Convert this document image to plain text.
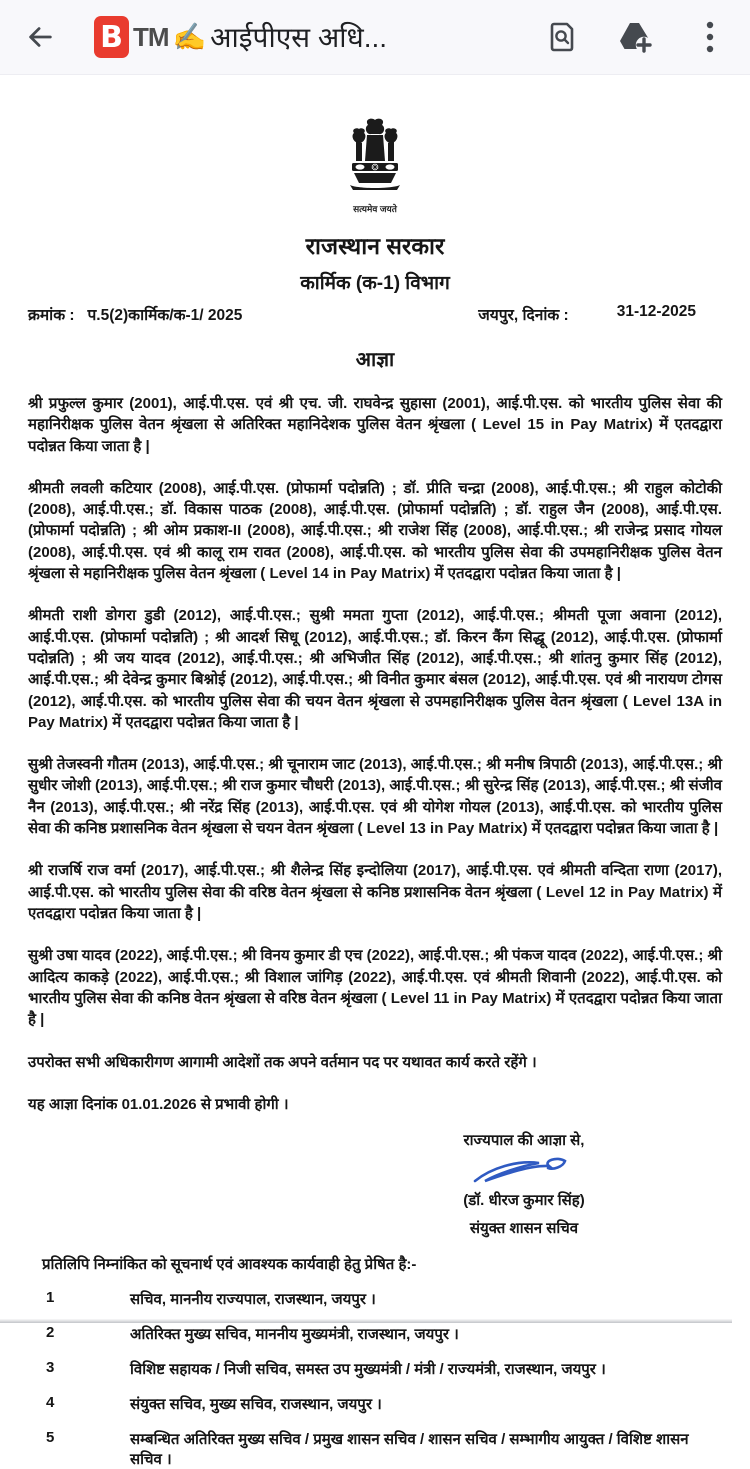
B TM ✍️ आईपीएस अधि...
सत्यमेव जयते
राजस्थान सरकार
कार्मिक (क-1) विभाग
क्रमांक : प.5(2)कार्मिक/क-1/ 2025	जयपुर, दिनांक :	31-12-2025
आज्ञा

श्री प्रफुल्ल कुमार (2001), आई.पी.एस. एवं श्री एच. जी. राघवेन्द्र सुहासा (2001), आई.पी.एस. को भारतीय पुलिस सेवा की महानिरीक्षक पुलिस वेतन श्रृंखला से अतिरिक्त महानिदेशक पुलिस वेतन श्रृंखला ( Level 15 in Pay Matrix) में एतदद्वारा पदोन्नत किया जाता है |

श्रीमती लवली कटियार (2008), आई.पी.एस. (प्रोफार्मा पदोन्नति) ; डॉ. प्रीति चन्द्रा (2008), आई.पी.एस.; श्री राहुल कोटोकी (2008), आई.पी.एस.; डॉ. विकास पाठक (2008), आई.पी.एस. (प्रोफार्मा पदोन्नति) ; डॉ. राहुल जैन (2008), आई.पी.एस. (प्रोफार्मा पदोन्नति) ; श्री ओम प्रकाश-II (2008), आई.पी.एस.; श्री राजेश सिंह (2008), आई.पी.एस.; श्री राजेन्द्र प्रसाद गोयल (2008), आई.पी.एस. एवं श्री कालू राम रावत (2008), आई.पी.एस. को भारतीय पुलिस सेवा की उपमहानिरीक्षक पुलिस वेतन श्रृंखला से महानिरीक्षक पुलिस वेतन श्रृंखला ( Level 14 in Pay Matrix) में एतदद्वारा पदोन्नत किया जाता है |

श्रीमती राशी डोगरा डुडी (2012), आई.पी.एस.; सुश्री ममता गुप्ता (2012), आई.पी.एस.; श्रीमती पूजा अवाना (2012), आई.पी.एस. (प्रोफार्मा पदोन्नति) ; श्री आदर्श सिधू (2012), आई.पी.एस.; डॉ. किरन कैंग सिद्धू (2012), आई.पी.एस. (प्रोफार्मा पदोन्नति) ; श्री जय यादव (2012), आई.पी.एस.; श्री अभिजीत सिंह (2012), आई.पी.एस.; श्री शांतनु कुमार सिंह (2012), आई.पी.एस.; श्री देवेन्द्र कुमार बिश्नोई (2012), आई.पी.एस.; श्री विनीत कुमार बंसल (2012), आई.पी.एस. एवं श्री नारायण टोगस (2012), आई.पी.एस. को भारतीय पुलिस सेवा की चयन वेतन श्रृंखला से उपमहानिरीक्षक पुलिस वेतन श्रृंखला ( Level 13A in Pay Matrix) में एतदद्वारा पदोन्नत किया जाता है |

सुश्री तेजस्वनी गौतम (2013), आई.पी.एस.; श्री चूनाराम जाट (2013), आई.पी.एस.; श्री मनीष त्रिपाठी (2013), आई.पी.एस.; श्री सुधीर जोशी (2013), आई.पी.एस.; श्री राज कुमार चौधरी (2013), आई.पी.एस.; श्री सुरेन्द्र सिंह (2013), आई.पी.एस.; श्री संजीव नैन (2013), आई.पी.एस.; श्री नरेंद्र सिंह (2013), आई.पी.एस. एवं श्री योगेश गोयल (2013), आई.पी.एस. को भारतीय पुलिस सेवा की कनिष्ठ प्रशासनिक वेतन श्रृंखला से चयन वेतन श्रृंखला ( Level 13 in Pay Matrix) में एतदद्वारा पदोन्नत किया जाता है |

श्री राजर्षि राज वर्मा (2017), आई.पी.एस.; श्री शैलेन्द्र सिंह इन्दोलिया (2017), आई.पी.एस. एवं श्रीमती वन्दिता राणा (2017), आई.पी.एस. को भारतीय पुलिस सेवा की वरिष्ठ वेतन श्रृंखला से कनिष्ठ प्रशासनिक वेतन श्रृंखला ( Level 12 in Pay Matrix) में एतदद्वारा पदोन्नत किया जाता है |

सुश्री उषा यादव (2022), आई.पी.एस.; श्री विनय कुमार डी एच (2022), आई.पी.एस.; श्री पंकज यादव (2022), आई.पी.एस.; श्री आदित्य काकड़े (2022), आई.पी.एस.; श्री विशाल जांगिड़ (2022), आई.पी.एस. एवं श्रीमती शिवानी (2022), आई.पी.एस. को भारतीय पुलिस सेवा की कनिष्ठ वेतन श्रृंखला से वरिष्ठ वेतन श्रृंखला ( Level 11 in Pay Matrix) में एतदद्वारा पदोन्नत किया जाता है |

उपरोक्त सभी अधिकारीगण आगामी आदेशों तक अपने वर्तमान पद पर यथावत कार्य करते रहेंगे ।

यह आज्ञा दिनांक 01.01.2026 से प्रभावी होगी ।

राज्यपाल की आज्ञा से,
(डॉ. धीरज कुमार सिंह)
संयुक्त शासन सचिव
प्रतिलिपि निम्नांकित को सूचनार्थ एवं आवश्यक कार्यवाही हेतु प्रेषित है:-
1	सचिव, माननीय राज्यपाल, राजस्थान, जयपुर ।
2	अतिरिक्त मुख्य सचिव, माननीय मुख्यमंत्री, राजस्थान, जयपुर ।
3	विशिष्ट सहायक / निजी सचिव, समस्त उप मुख्यमंत्री / मंत्री / राज्यमंत्री, राजस्थान, जयपुर ।
4	संयुक्त सचिव, मुख्य सचिव, राजस्थान, जयपुर ।
5	सम्बन्धित अतिरिक्त मुख्य सचिव / प्रमुख शासन सचिव / शासन सचिव / सम्भागीय आयुक्त / विशिष्ट शासन सचिव ।
